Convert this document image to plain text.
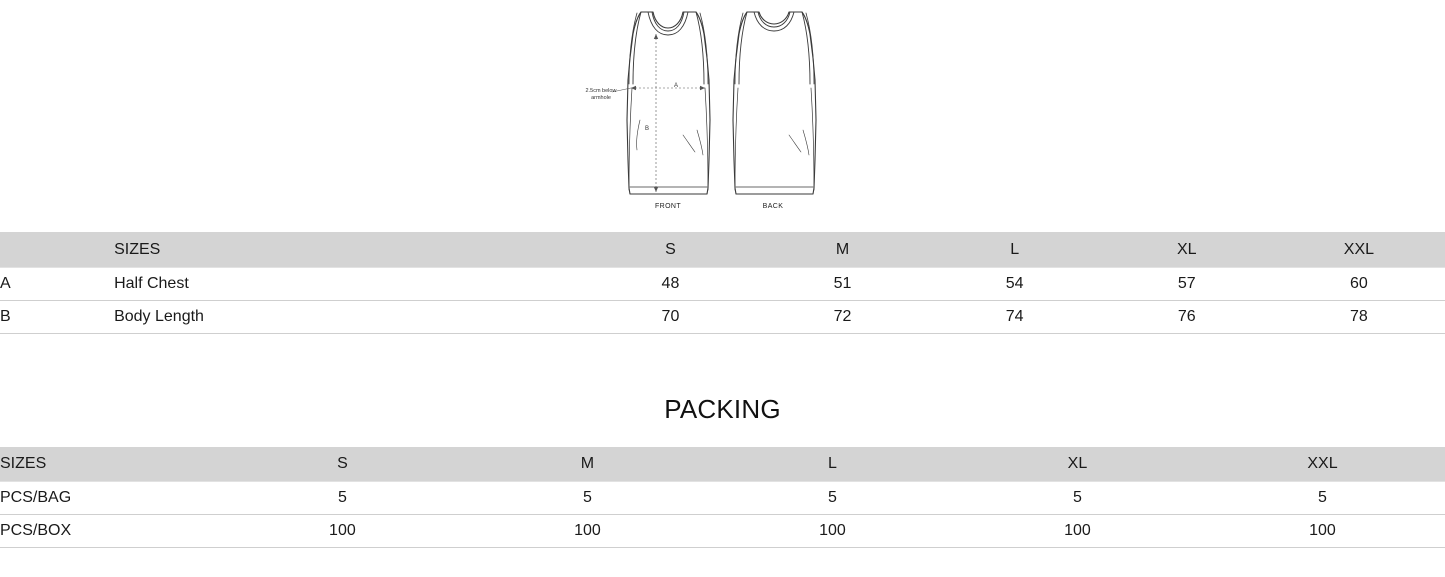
2.5cm below armhole
A
B
FRONT	BACK
	SIZES	S	M	L	XL	XXL
A	Half Chest	48	51	54	57	60
B	Body Length	70	72	74	76	78
PACKING
SIZES	S	M	L	XL	XXL
PCS/BAG	5	5	5	5	5
PCS/BOX	100	100	100	100	100
